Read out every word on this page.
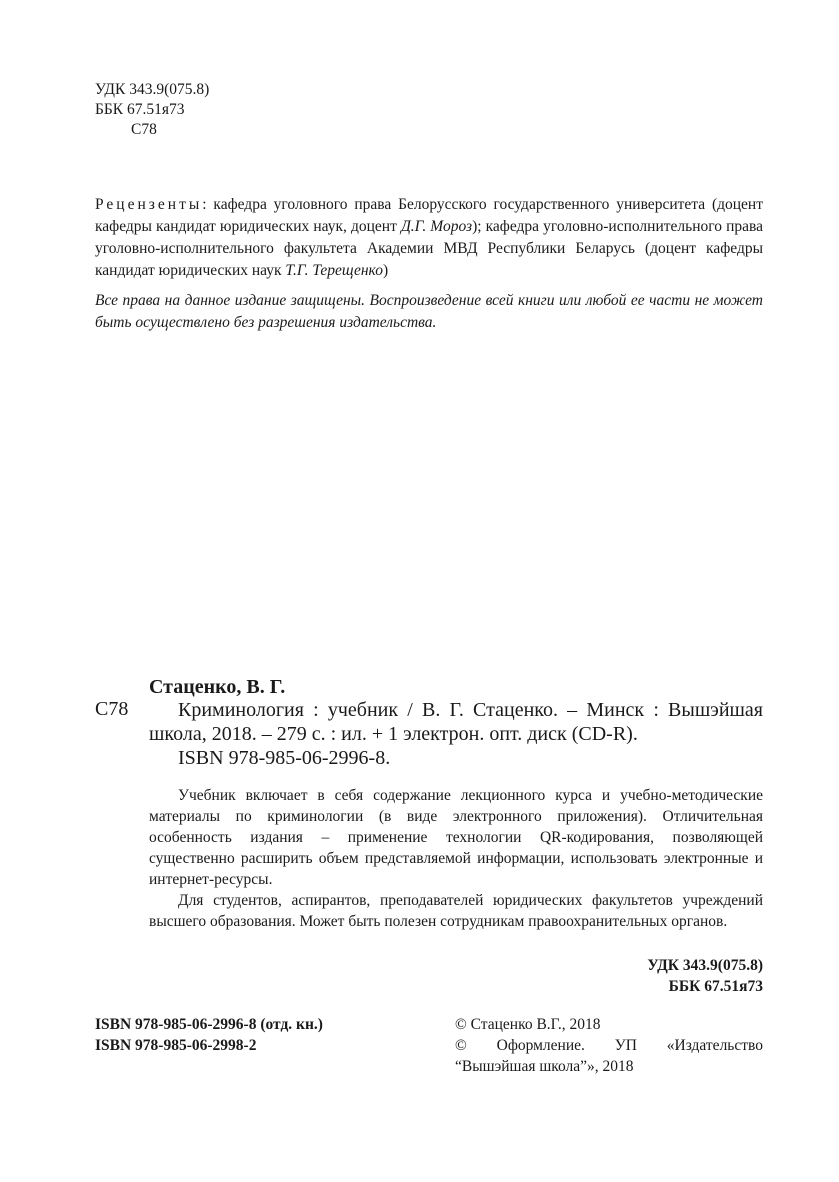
УДК 343.9(075.8)
ББК 67.51я73
С78
Рецензенты: кафедра уголовного права Белорусского государственного университета (доцент кафедры кандидат юридических наук, доцент Д.Г. Мороз); кафедра уголовно-исполнительного права уголовно-исполнительного факультета Академии МВД Республики Беларусь (доцент кафедры кандидат юридических наук Т.Г. Терещенко)
Все права на данное издание защищены. Воспроизведение всей книги или любой ее части не может быть осуществлено без разрешения издательства.
Стаценко, В. Г.
С78	Криминология : учебник / В. Г. Стаценко. – Минск : Вышэйшая школа, 2018. – 279 с. : ил. + 1 электрон. опт. диск (CD-R).
ISBN 978-985-06-2996-8.

Учебник включает в себя содержание лекционного курса и учебно-методические материалы по криминологии (в виде электронного приложения). Отличительная особенность издания – применение технологии QR-кодирования, позволяющей существенно расширить объем представляемой информации, использовать электронные и интернет-ресурсы.

Для студентов, аспирантов, преподавателей юридических факультетов учреждений высшего образования. Может быть полезен сотрудникам правоохранительных органов.

УДК 343.9(075.8)
ББК 67.51я73
ISBN 978-985-06-2996-8 (отд. кн.)
ISBN 978-985-06-2998-2
© Стаценко В.Г., 2018
© Оформление. УП «Издательство “Вышэйшая школа”», 2018
